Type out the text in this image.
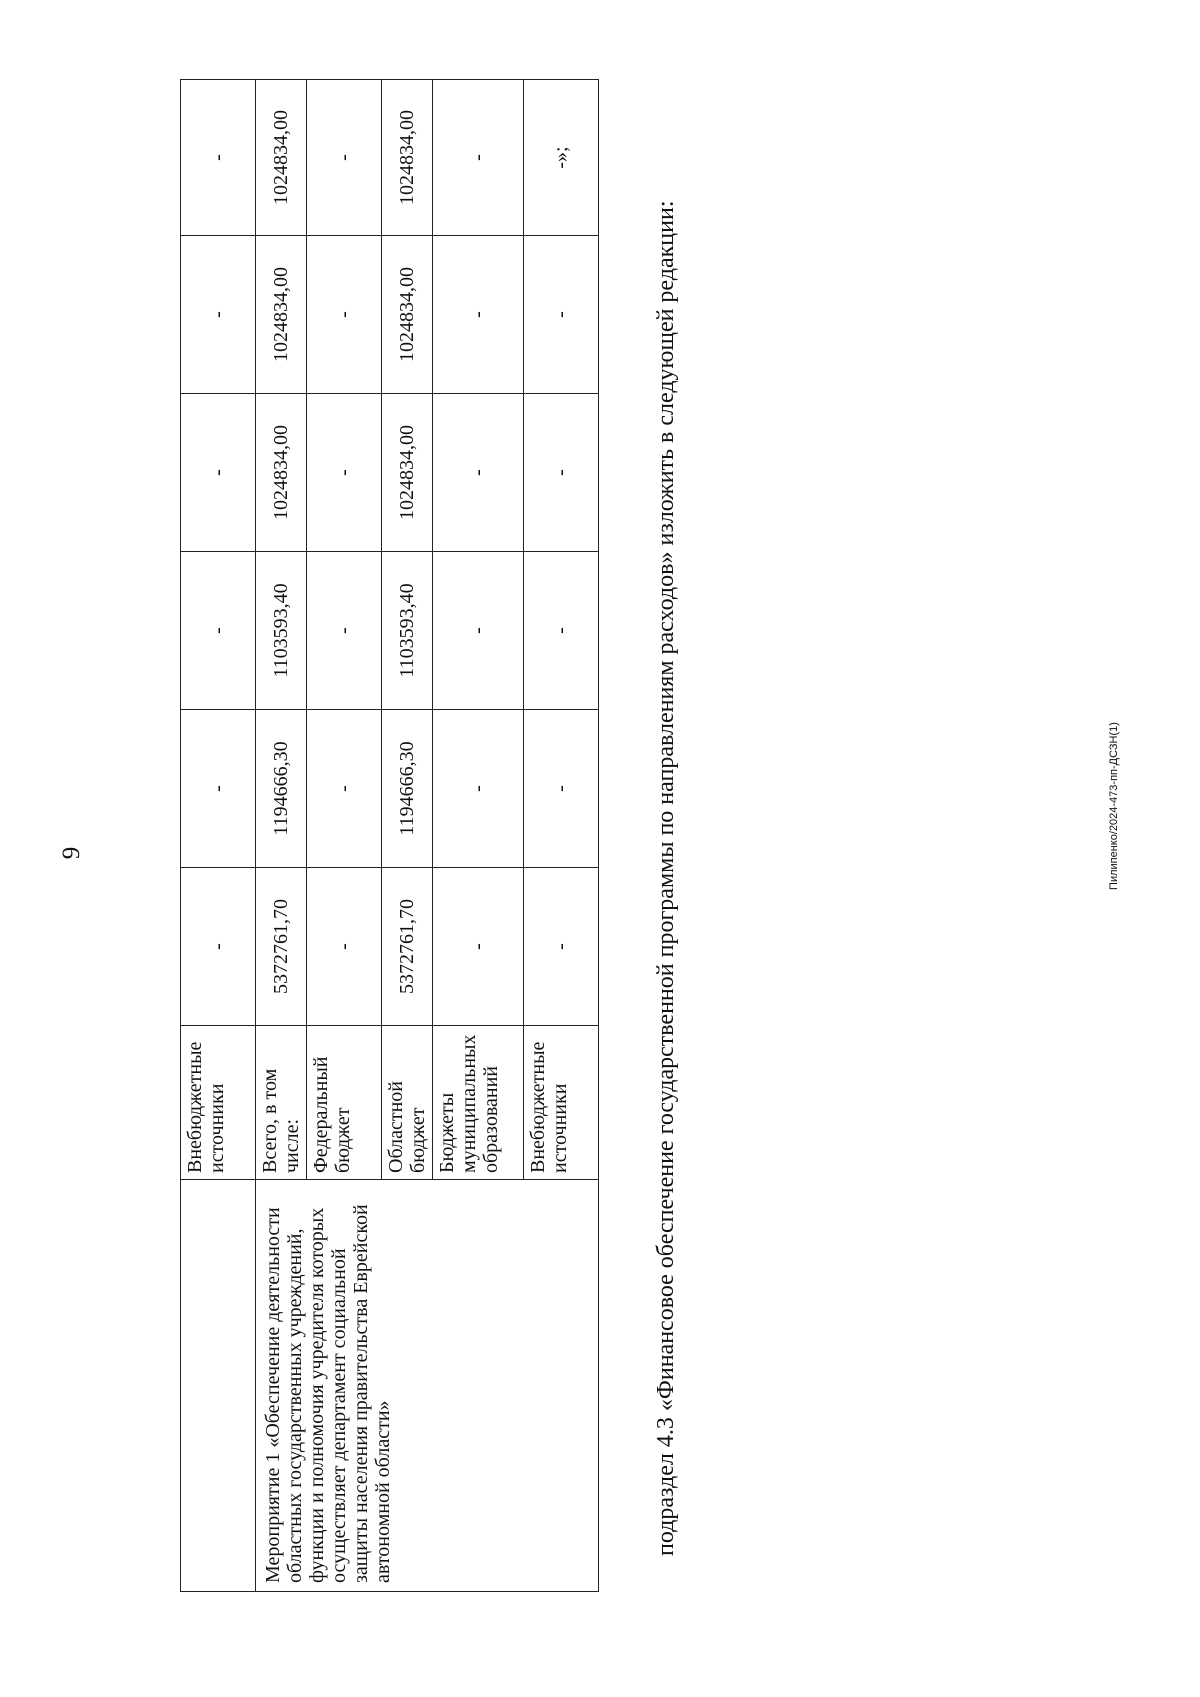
9
	Внебюджетные источники	-	-	-	-	-	-
Мероприятие 1 «Обеспечение деятельности областных государственных учреждений, функции и полномочия учредителя которых осуществляет департамент социальной защиты населения правительства Еврейской автономной области»	Всего, в том числе:	5372761,70	1194666,30	1103593,40	1024834,00	1024834,00	1024834,00
	Федеральный бюджет	-	-	-	-	-	-
	Областной бюджет	5372761,70	1194666,30	1103593,40	1024834,00	1024834,00	1024834,00
	Бюджеты муниципальных образований	-	-	-	-	-	-
	Внебюджетные источники	-	-	-	-	-	-»;

подраздел 4.3 «Финансовое обеспечение государственной программы по направлениям расходов» изложить в следующей редакции:	Пилипенко/2024-473-пп-ДСЗН(1)
